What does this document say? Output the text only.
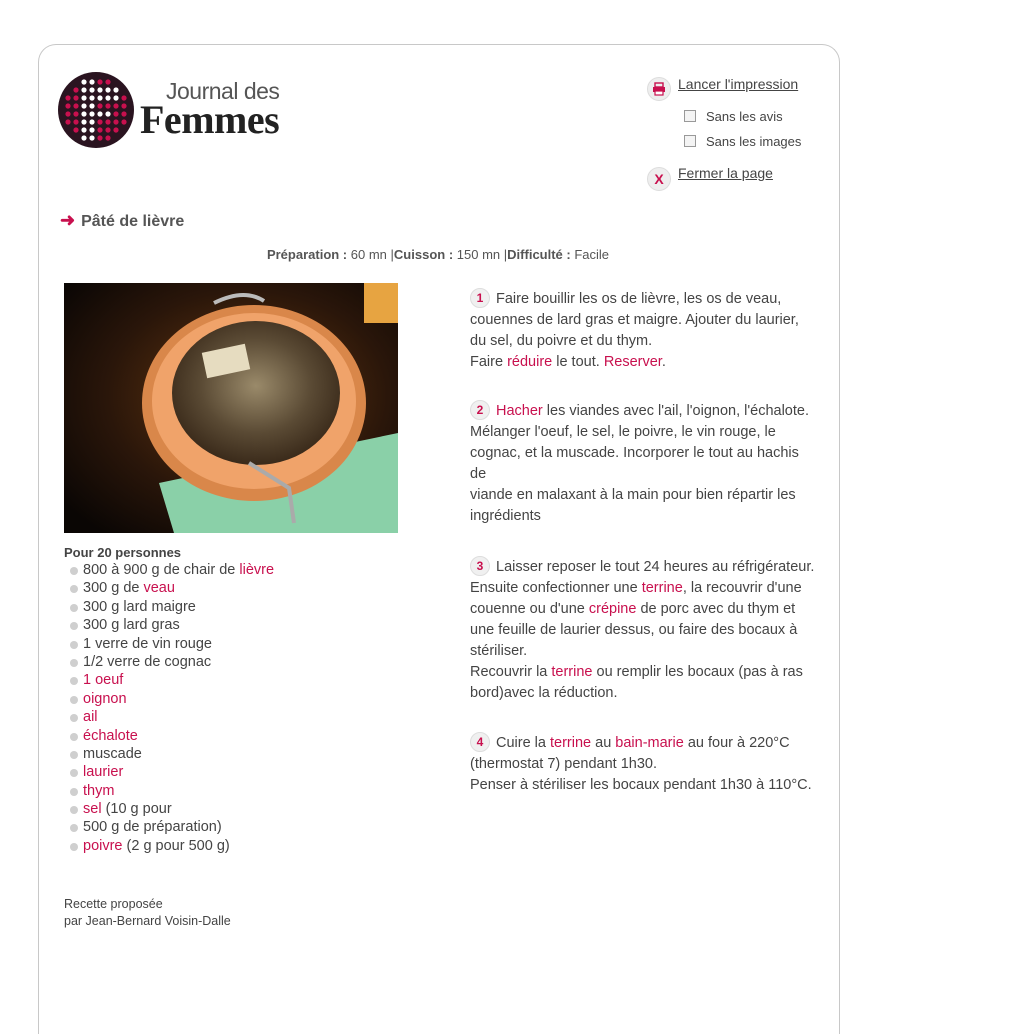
Journal des
Femmes
Lancer l'impression
Sans les avis
Sans les images
X	Fermer la page
➜ Pâté de lièvre
Préparation : 60 mn |Cuisson : 150 mn |Difficulté : Facile
Pour 20 personnes
800 à 900 g de chair de lièvre
300 g de veau
300 g lard maigre
300 g lard gras
1 verre de vin rouge
1/2 verre de cognac
1 oeuf
oignon
ail
échalote
muscade
laurier
thym
sel (10 g pour
500 g de préparation)
poivre (2 g pour 500 g)
Recette proposée
par Jean-Bernard Voisin-Dalle
1 Faire bouillir les os de lièvre, les os de veau, couennes de lard gras et maigre. Ajouter du laurier, du sel, du poivre et du thym.
Faire réduire le tout. Reserver.
2 Hacher les viandes avec l'ail, l'oignon, l'échalote. Mélanger l'oeuf, le sel, le poivre, le vin rouge, le cognac, et la muscade. Incorporer le tout au hachis de
viande en malaxant à la main pour bien répartir les ingrédients
3 Laisser reposer le tout 24 heures au réfrigérateur. Ensuite confectionner une terrine, la recouvrir d'une couenne ou d'une crépine de porc avec du thym et une feuille de laurier dessus, ou faire des bocaux à stériliser.
Recouvrir la terrine ou remplir les bocaux (pas à ras bord)avec la réduction.
4 Cuire la terrine au bain-marie au four à 220°C (thermostat 7) pendant 1h30.
Penser à stériliser les bocaux pendant 1h30 à 110°C.
